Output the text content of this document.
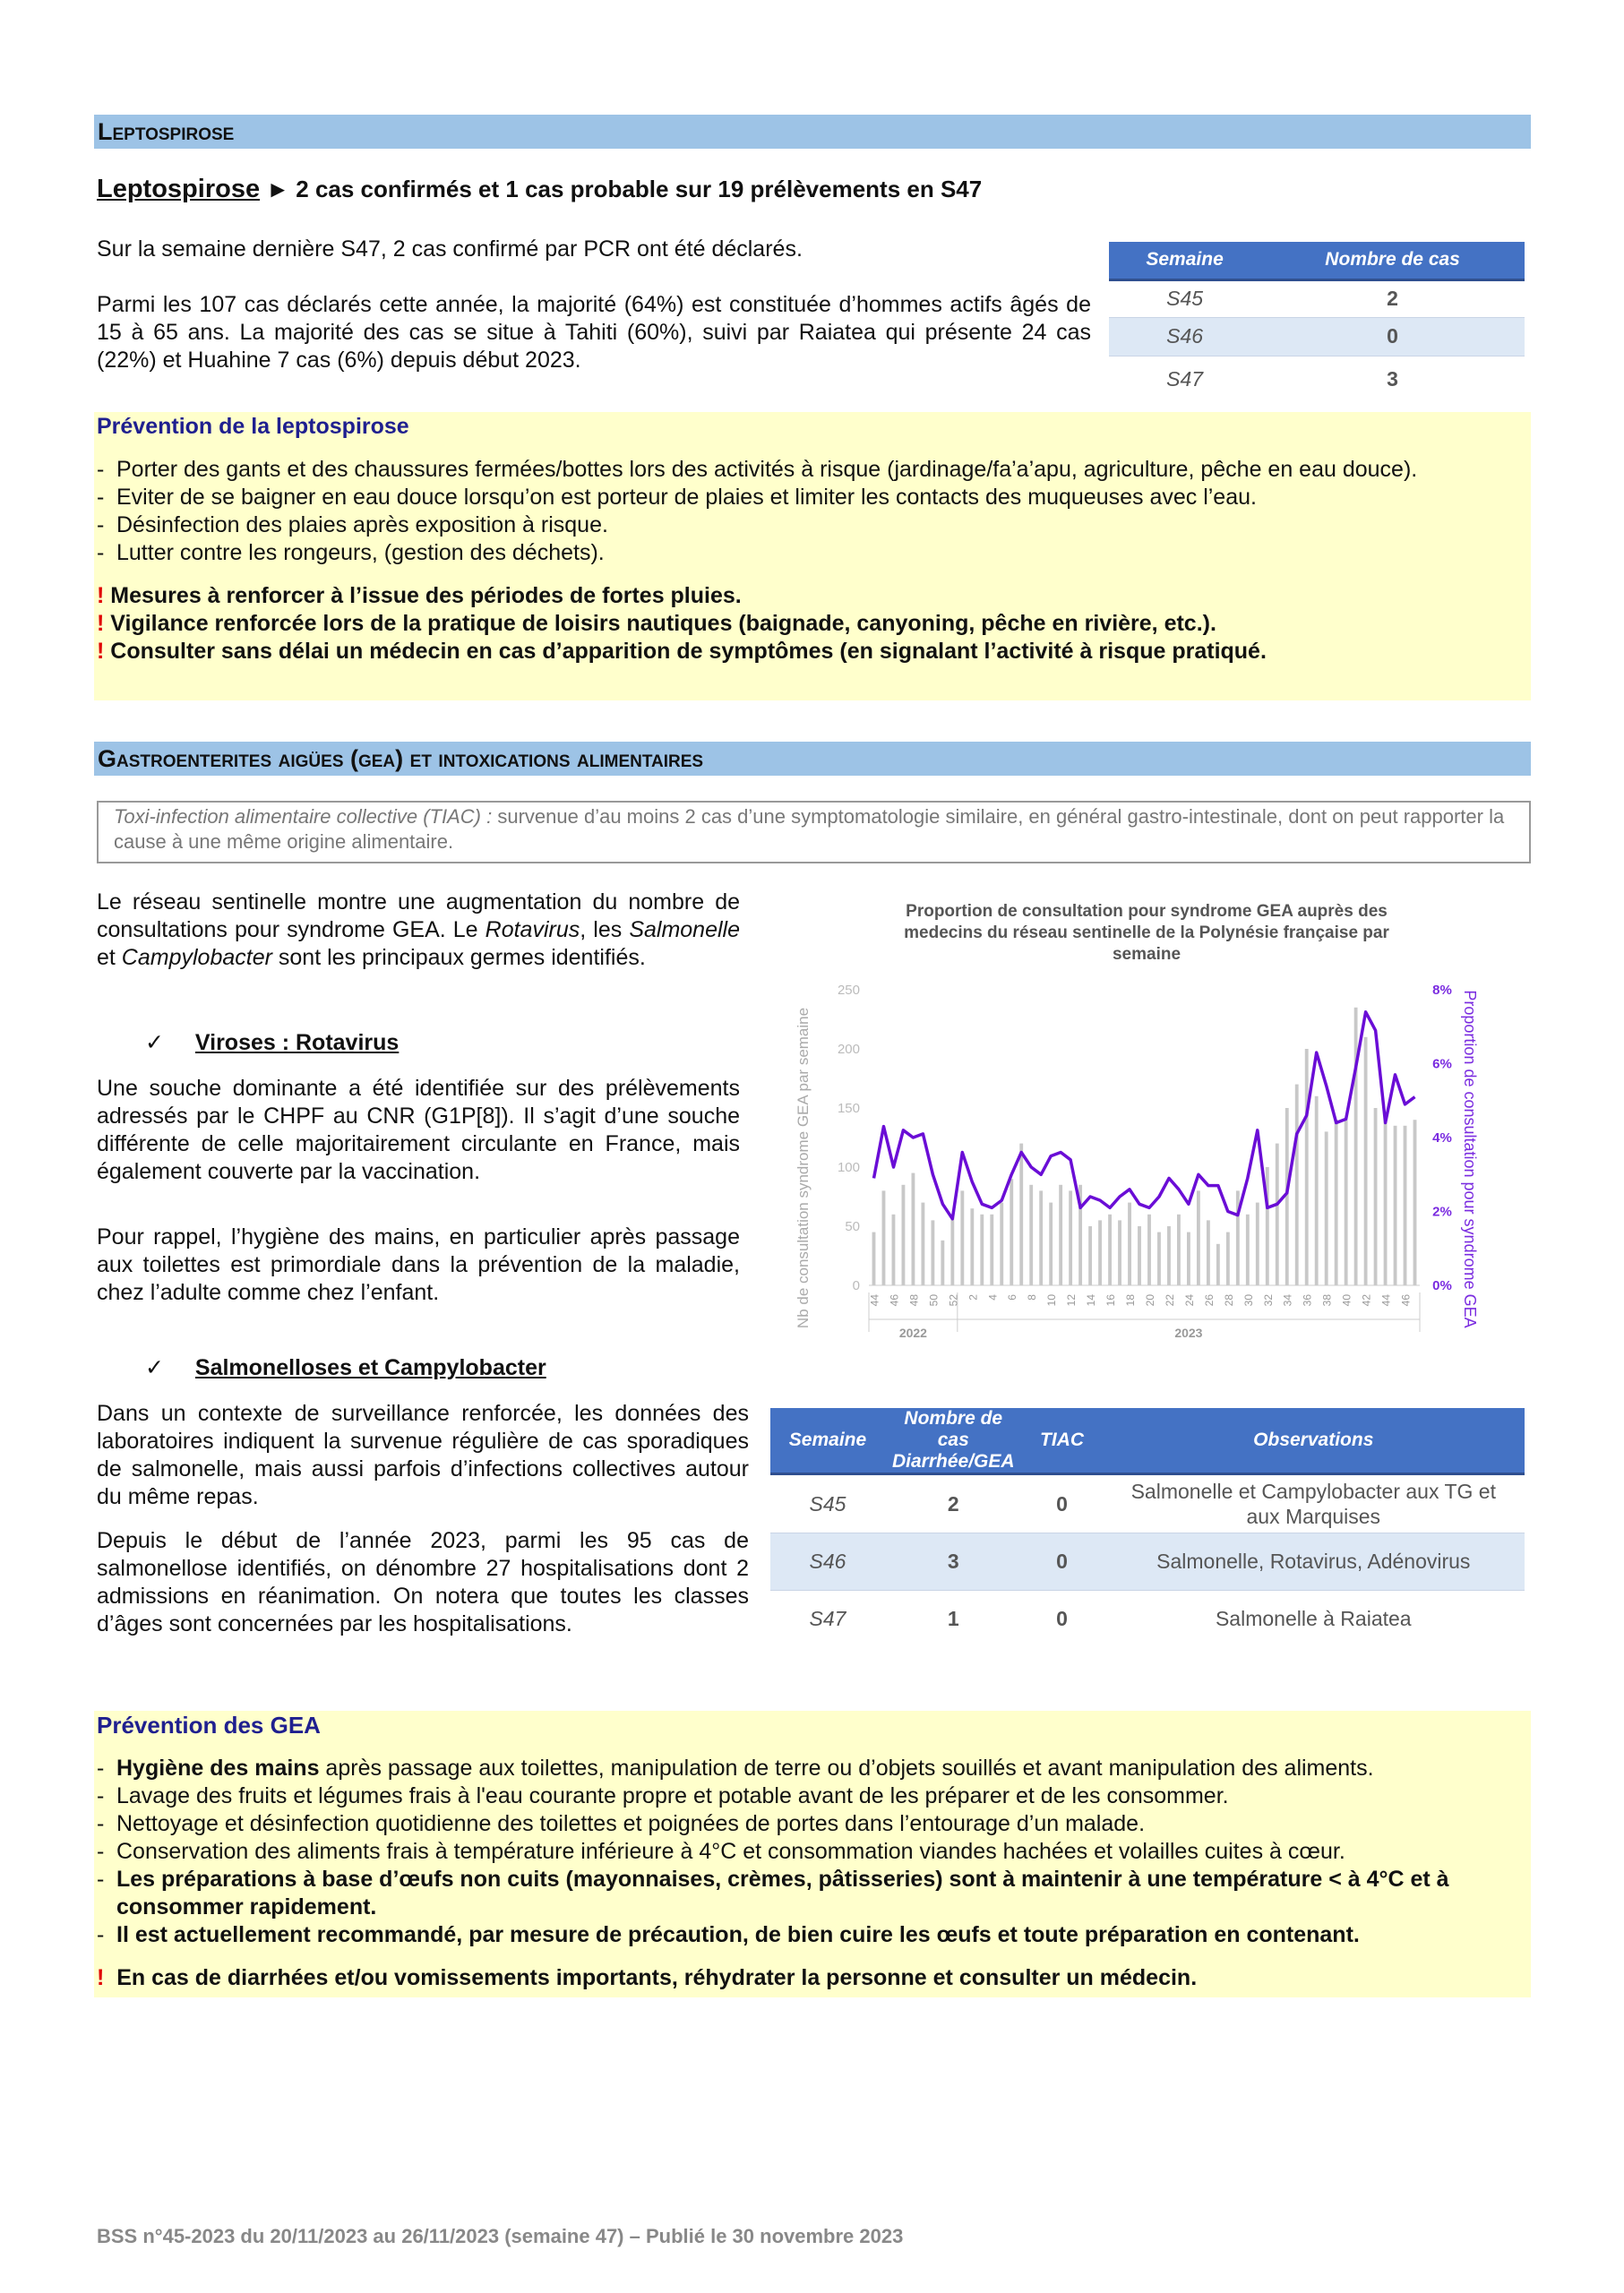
Leptospirose
Leptospirose ► 2 cas confirmés et 1 cas probable sur 19 prélèvements en S47
Sur la semaine dernière S47, 2 cas confirmé par PCR ont été déclarés.
Parmi les 107 cas déclarés cette année, la majorité (64%) est constituée d’hommes actifs âgés de 15 à 65 ans. La majorité des cas se situe à Tahiti (60%), suivi par Raiatea qui présente 24 cas (22%) et Huahine 7 cas (6%) depuis début 2023.
Semaine	Nombre de cas
S45	2
S46	0
S47	3
Prévention de la leptospirose
- Porter des gants et des chaussures fermées/bottes lors des activités à risque (jardinage/fa’a’apu, agriculture, pêche en eau douce).
- Eviter de se baigner en eau douce lorsqu’on est porteur de plaies et limiter les contacts des muqueuses avec l’eau.
- Désinfection des plaies après exposition à risque.
- Lutter contre les rongeurs, (gestion des déchets).
! Mesures à renforcer à l’issue des périodes de fortes pluies.
! Vigilance renforcée lors de la pratique de loisirs nautiques (baignade, canyoning, pêche en rivière, etc.).
! Consulter sans délai un médecin en cas d’apparition de symptômes (en signalant l’activité à risque pratiqué.
Gastroenterites aigües (gea) et intoxications alimentaires
Toxi-infection alimentaire collective (TIAC) : survenue d’au moins 2 cas d’une symptomatologie similaire, en général gastro-intestinale, dont on peut rapporter la cause à une même origine alimentaire.
Le réseau sentinelle montre une augmentation du nombre de consultations pour syndrome GEA. Le Rotavirus, les Salmonelle et Campylobacter sont les principaux germes identifiés.
✓ Viroses : Rotavirus
Une souche dominante a été identifiée sur des prélèvements adressés par le CHPF au CNR (G1P[8]). Il s’agit d’une souche différente de celle majoritairement circulante en France, mais également couverte par la vaccination.
Pour rappel, l’hygiène des mains, en particulier après passage aux toilettes est primordiale dans la prévention de la maladie, chez l’adulte comme chez l’enfant.
Proportion de consultation pour syndrome GEA auprès des
medecins du réseau sentinelle de la Polynésie française par
semaine
0
50
100
150
200
250
0%
2%
4%
6%
8%
44 46 48 50 52 2 4 6 8 10 12 14 16 18 20 22 24 26 28 30 32 34 36 38 40 42 44 46
2022	2023
Nb de consultation syndrome GEA par semaine	Proportion de consultation pour syndrome GEA
✓ Salmonelloses et Campylobacter
Dans un contexte de surveillance renforcée, les données des laboratoires indiquent la survenue régulière de cas sporadiques de salmonelle, mais aussi parfois d’infections collectives autour du même repas.
Depuis le début de l’année 2023, parmi les 95 cas de salmonellose identifiés, on dénombre 27 hospitalisations dont 2 admissions en réanimation. On notera que toutes les classes d’âges sont concernées par les hospitalisations.
Semaine	Nombre de cas Diarrhée/GEA	TIAC	Observations
S45	2	0	Salmonelle et Campylobacter aux TG et aux Marquises
S46	3	0	Salmonelle, Rotavirus, Adénovirus
S47	1	0	Salmonelle à Raiatea
Prévention des GEA
- Hygiène des mains après passage aux toilettes, manipulation de terre ou d’objets souillés et avant manipulation des aliments.
- Lavage des fruits et légumes frais à l'eau courante propre et potable avant de les préparer et de les consommer.
- Nettoyage et désinfection quotidienne des toilettes et poignées de portes dans l’entourage d’un malade.
- Conservation des aliments frais à température inférieure à 4°C et consommation viandes hachées et volailles cuites à cœur.
- Les préparations à base d’œufs non cuits (mayonnaises, crèmes, pâtisseries) sont à maintenir à une température < à 4°C et à consommer rapidement.
- Il est actuellement recommandé, par mesure de précaution, de bien cuire les œufs et toute préparation en contenant.
!  En cas de diarrhées et/ou vomissements importants, réhydrater la personne et consulter un médecin.
BSS n°45-2023 du 20/11/2023 au 26/11/2023 (semaine 47) – Publié le 30 novembre 2023
